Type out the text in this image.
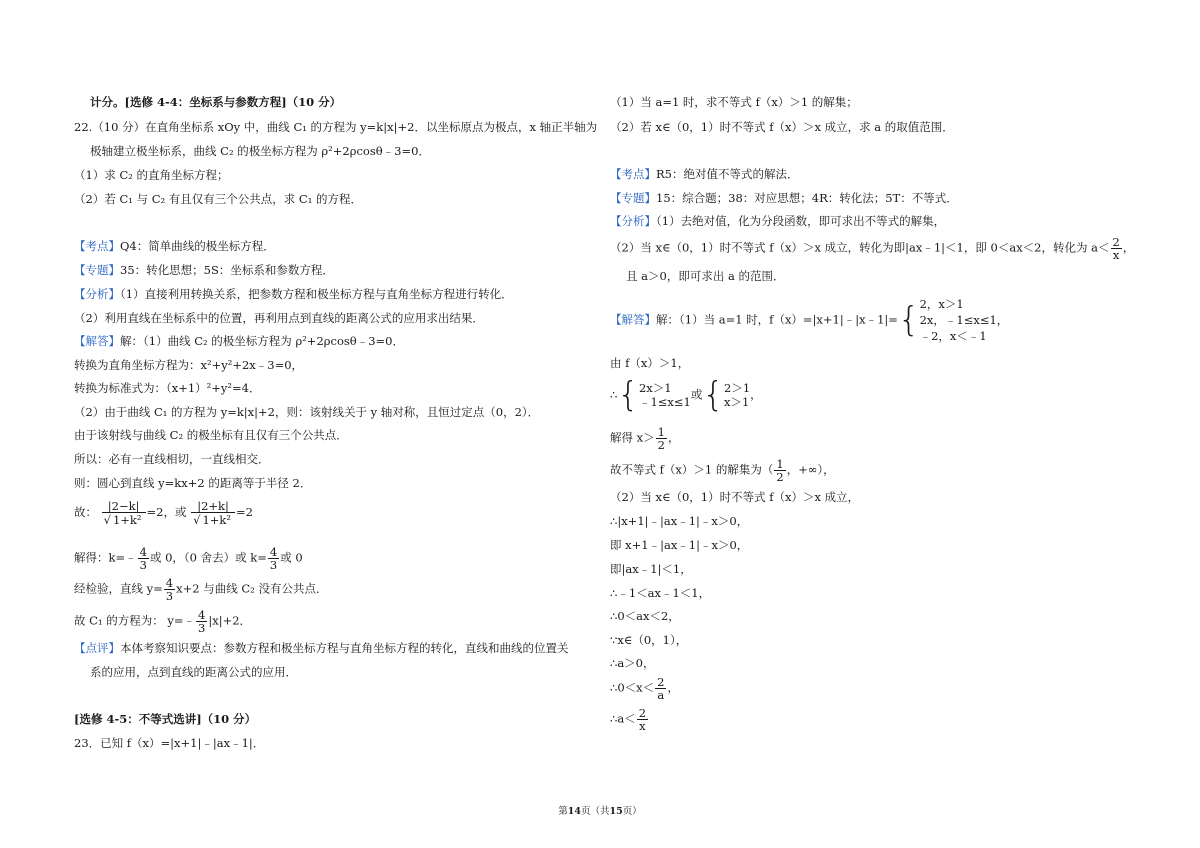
计分。[选修 4-4：坐标系与参数方程]（10 分）
22.（10 分）在直角坐标系 xOy 中，曲线 C₁ 的方程为 y=k|x|+2．以坐标原点为极点，x 轴正半轴为
极轴建立极坐标系，曲线 C₂ 的极坐标方程为 ρ²+2ρcosθ﹣3=0．
（1）求 C₂ 的直角坐标方程；
（2）若 C₁ 与 C₂ 有且仅有三个公共点，求 C₁ 的方程．
【考点】Q4：简单曲线的极坐标方程．
【专题】35：转化思想；5S：坐标系和参数方程．
【分析】（1）直接利用转换关系，把参数方程和极坐标方程与直角坐标方程进行转化．
（2）利用直线在坐标系中的位置，再利用点到直线的距离公式的应用求出结果．
【解答】解：（1）曲线 C₂ 的极坐标方程为 ρ²+2ρcosθ﹣3=0．
转换为直角坐标方程为：x²+y²+2x﹣3=0，
转换为标准式为：（x+1）²+y²=4．
（2）由于曲线 C₁ 的方程为 y=k|x|+2，则：该射线关于 y 轴对称，且恒过定点（0，2）．
由于该射线与曲线 C₂ 的极坐标有且仅有三个公共点．
所以：必有一直线相切，一直线相交．
则：圆心到直线 y=kx+2 的距离等于半径 2．
故： $\frac{|2-k|}{\text{√ 1+k²}} =2$，或 $\frac{|2+k|}{\text{√ 1+k²}} =2$
解得：k=﹣ $\frac{4}{3}$ 或 0，（0 舍去）或 $k= \frac{4}{3}$ 或 0
经检验，直线 $y= \frac{4}{3} x+2$ 与曲线 C₂ 没有公共点．
故 C₁ 的方程为： y=﹣ $\frac{4}{3} |x|+2$．
【点评】本体考察知识要点：参数方程和极坐标方程与直角坐标方程的转化，直线和曲线的位置关
系的应用，点到直线的距离公式的应用．
[选修 4-5：不等式选讲]（10 分）
23．已知 f（x）=|x+1|﹣|ax﹣1|．
（1）当 a=1 时，求不等式 f（x）＞1 的解集；
（2）若 x∈（0，1）时不等式 f（x）＞x 成立，求 a 的取值范围．
【考点】R5：绝对值不等式的解法．
【专题】15：综合题；38：对应思想；4R：转化法；5T：不等式．
【分析】（1）去绝对值，化为分段函数，即可求出不等式的解集，
（2）当 x∈（0，1）时不等式 f（x）＞x 成立，转化为即|ax﹣1|＜1，即 0＜ax＜2，转化为 $a< \frac{2}{x}$ ，
且 a＞0，即可求出 a 的范围．
【解答】解：（1）当 a=1 时，f（x）=|x+1|﹣|x﹣1|={ 2，x＞1
2x，﹣1≤x≤1，
﹣2，x＜﹣1
由 f（x）＞1，
∴{ 2x＞1
﹣1≤x≤1
或{ 2＞1
x＞1
，
解得 $x> \frac{1}{2}$ ，
故不等式 f（x）＞1 的解集为（ $\frac{1}{2}$ ，+∞），
（2）当 x∈（0，1）时不等式 f（x）＞x 成立，
∴|x+1|﹣|ax﹣1|﹣x＞0，
即 x+1﹣|ax﹣1|﹣x＞0，
即|ax﹣1|＜1，
∴﹣1＜ax﹣1＜1，
∴0＜ax＜2，
∵x∈（0，1），
∴a＞0，
∴0＜x＜ $\frac{2}{a}$ ，
∴a＜ $\frac{2}{x}$
第14页（共15页）
